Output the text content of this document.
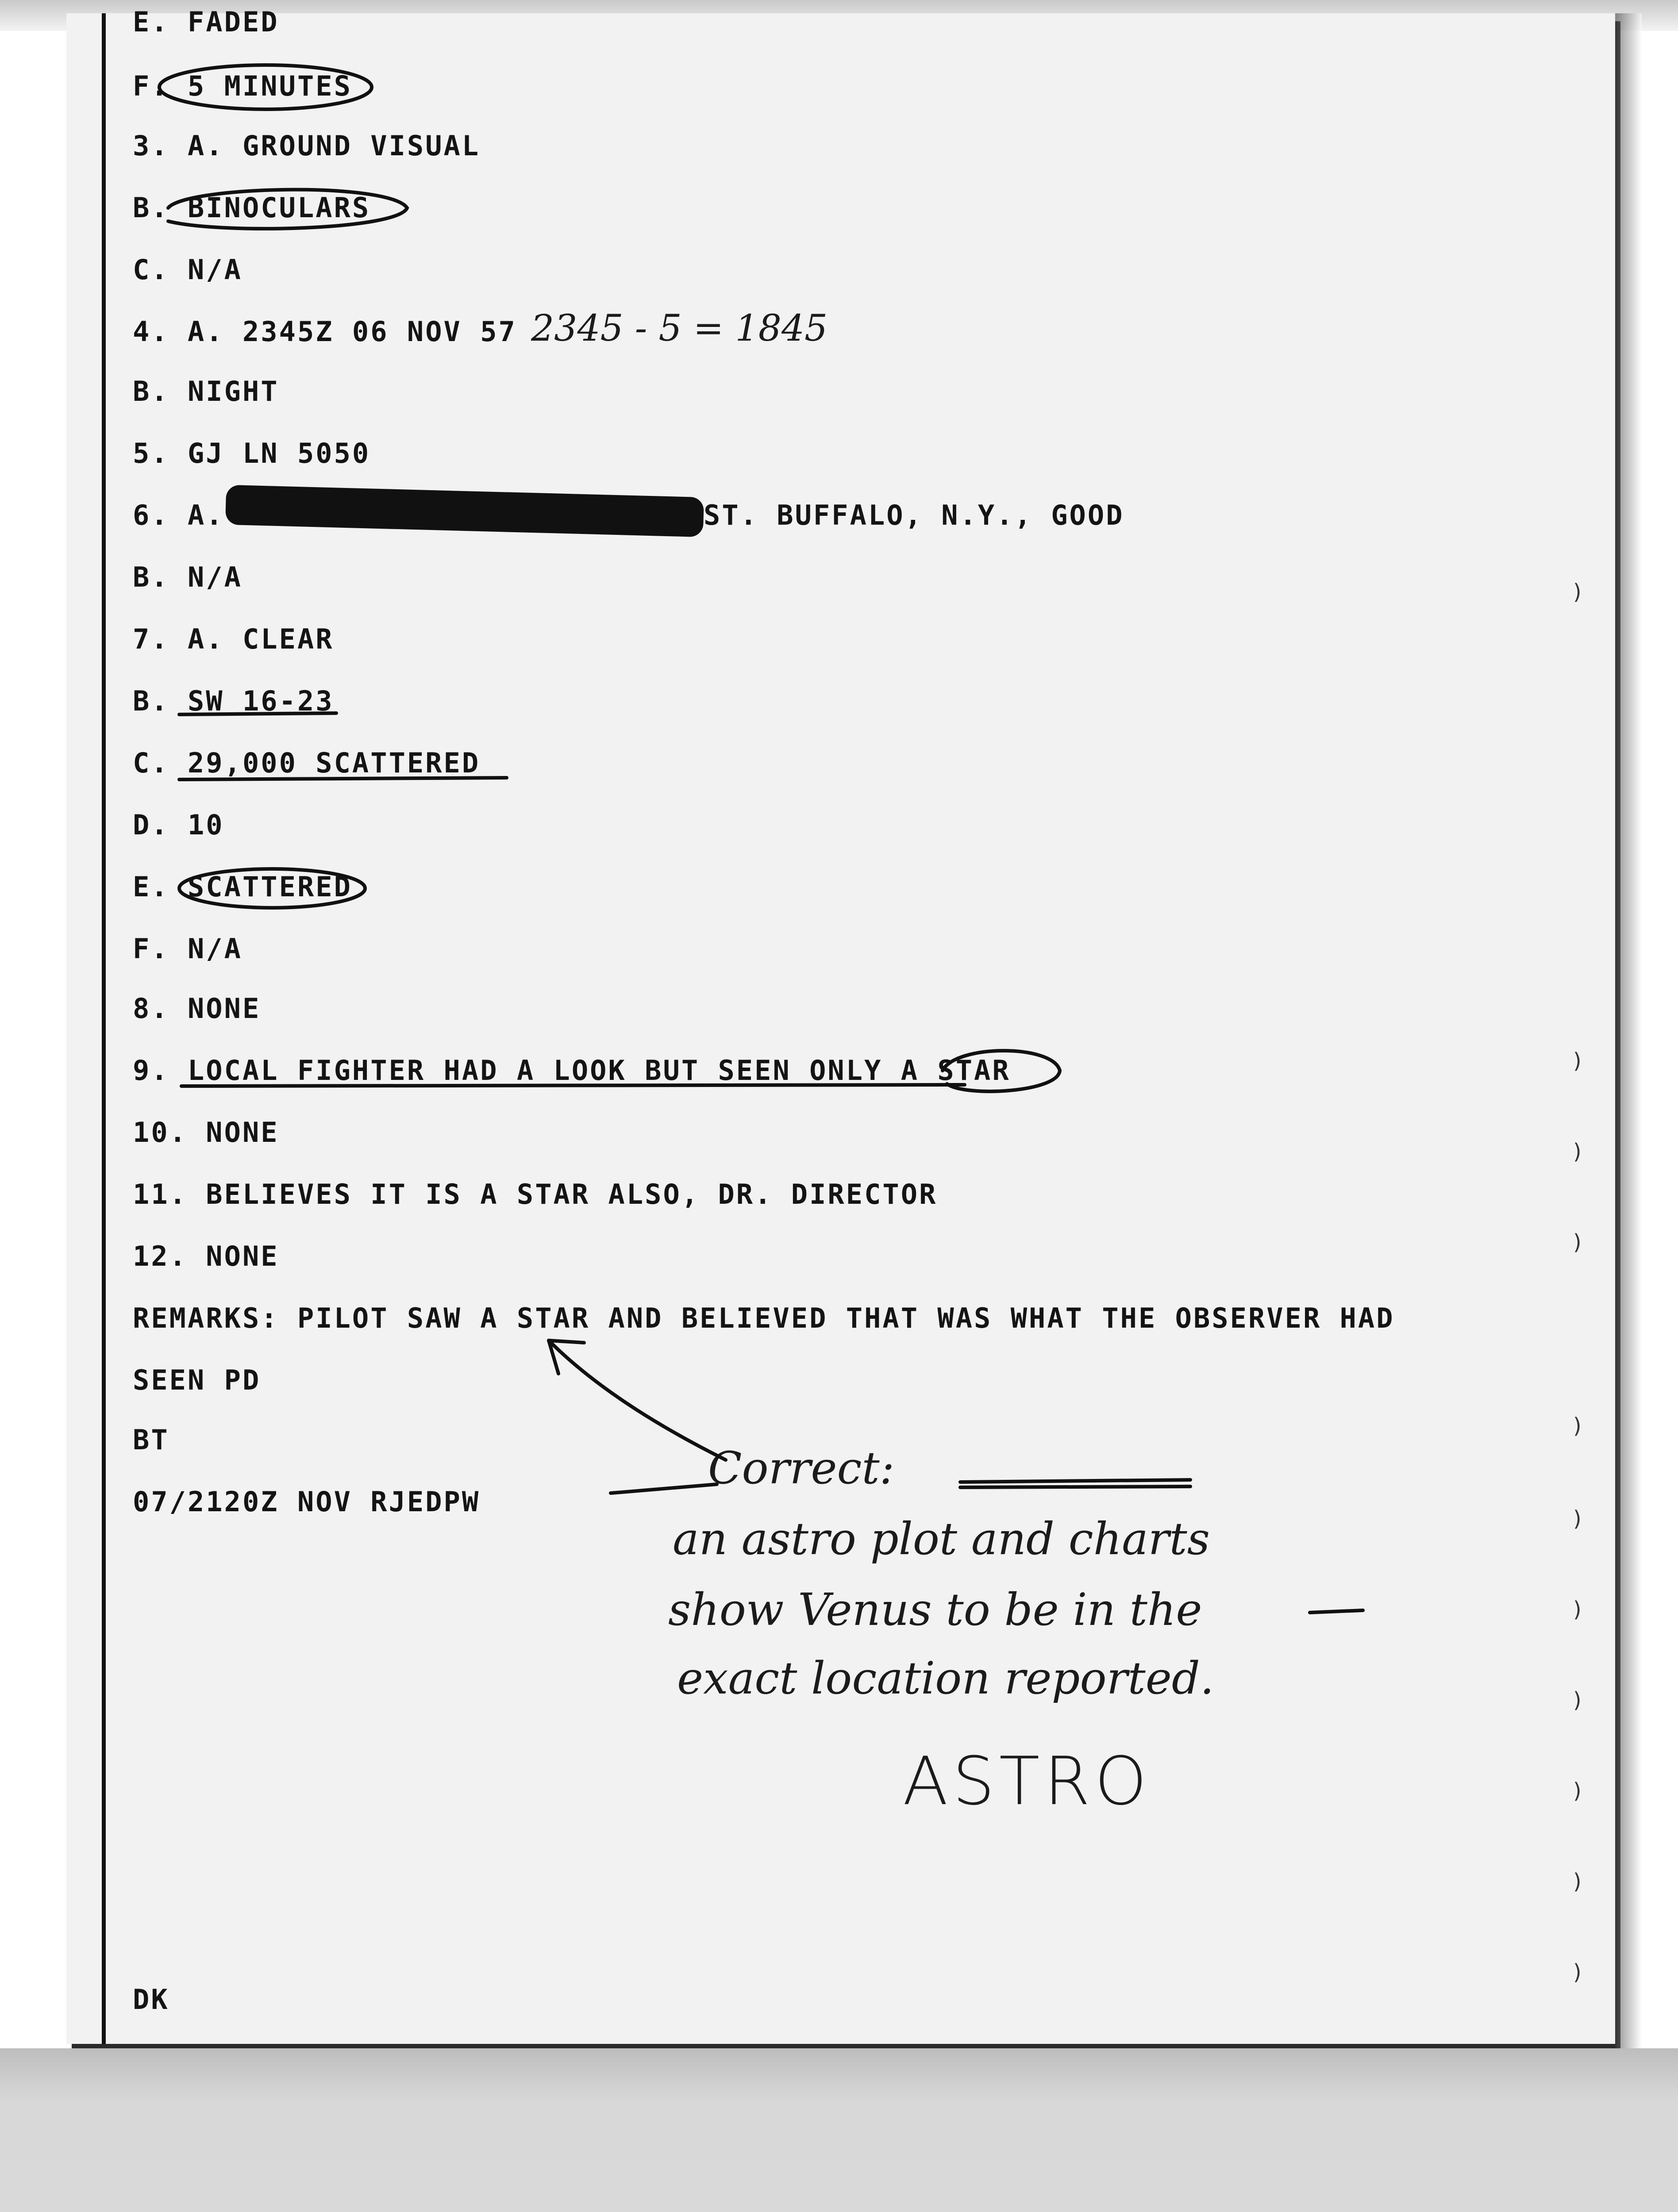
E. FADED
F. 5 MINUTES
3. A. GROUND VISUAL
B. BINOCULARS
C. N/A
4. A. 2345Z 06 NOV 57
B. NIGHT
5. GJ LN 5050
6. A.	ST. BUFFALO, N.Y., GOOD
B. N/A
7. A. CLEAR
B. SW 16-23
C. 29,000 SCATTERED
D. 10
E. SCATTERED
F. N/A
8. NONE
9. LOCAL FIGHTER HAD A LOOK BUT SEEN ONLY A STAR
10. NONE
11. BELIEVES IT IS A STAR ALSO, DR. DIRECTOR
12. NONE
REMARKS: PILOT SAW A STAR AND BELIEVED THAT WAS WHAT THE OBSERVER HAD
SEEN PD
BT
07/2120Z NOV RJEDPW
DK
2345 - 5 = 1845
Correct:
an astro plot and charts
show Venus to be in the
exact location reported.
ASTRO
)
)
)
)
)
)
)
)
)
)
)
